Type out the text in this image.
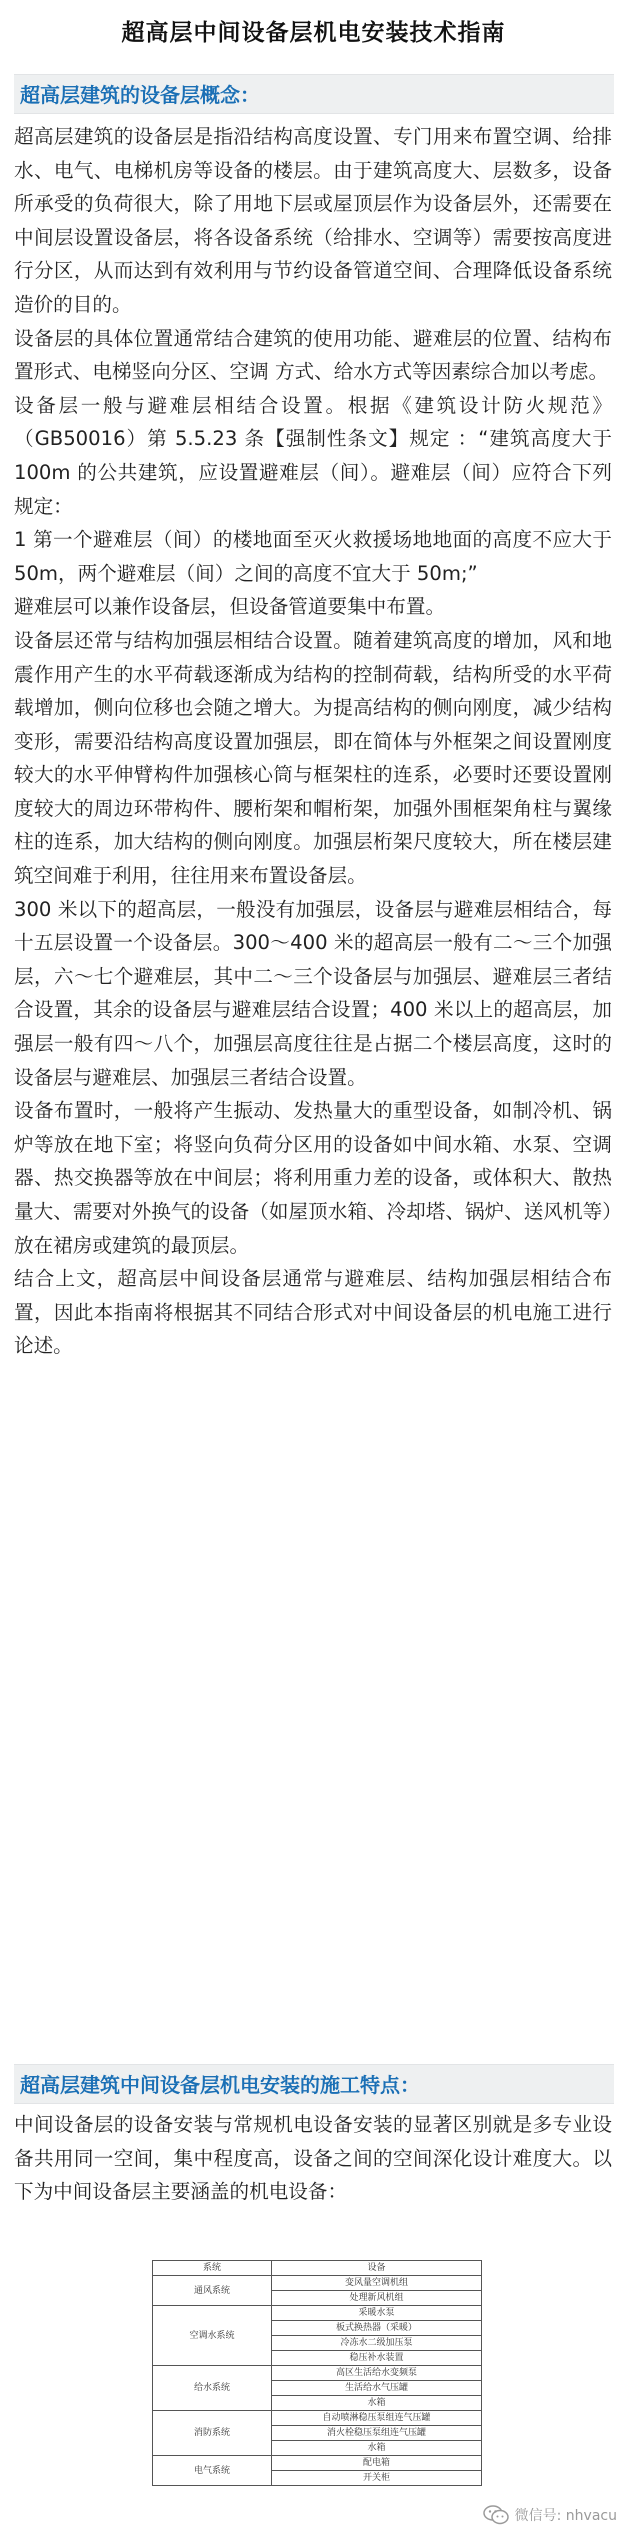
超高层中间设备层机电安装技术指南
超高层建筑的设备层概念：

超高层建筑的设备层是指沿结构高度设置、专门用来布置空调、给排水、电气、电梯机房等设备的楼层。由于建筑高度大、层数多，设备所承受的负荷很大，除了用地下层或屋顶层作为设备层外，还需要在中间层设置设备层，将各设备系统（给排水、空调等）需要按高度进行分区，从而达到有效利用与节约设备管道空间、合理降低设备系统造价的目的。

设备层的具体位置通常结合建筑的使用功能、避难层的位置、结构布置形式、电梯竖向分区、空调 方式、给水方式等因素综合加以考虑。

设备层一般与避难层相结合设置。根据《建筑设计防火规范》（GB50016）第 5.5.23 条【强制性条文】规定 ：“建筑高度大于 100m 的公共建筑，应设置避难层（间）。避难层（间）应符合下列规定：

1 第一个避难层（间）的楼地面至灭火救援场地地面的高度不应大于 50m，两个避难层（间）之间的高度不宜大于 50m;”

避难层可以兼作设备层，但设备管道要集中布置。

设备层还常与结构加强层相结合设置。随着建筑高度的增加，风和地震作用产生的水平荷载逐渐成为结构的控制荷载，结构所受的水平荷载增加，侧向位移也会随之增大。为提高结构的侧向刚度，减少结构变形，需要沿结构高度设置加强层，即在简体与外框架之间设置刚度较大的水平伸臂构件加强核心筒与框架柱的连系，必要时还要设置刚度较大的周边环带构件、腰桁架和帽桁架，加强外围框架角柱与翼缘柱的连系，加大结构的侧向刚度。加强层桁架尺度较大，所在楼层建筑空间难于利用，往往用来布置设备层。

300 米以下的超高层，一般没有加强层，设备层与避难层相结合，每十五层设置一个设备层。300～400 米的超高层一般有二～三个加强层，六～七个避难层，其中二～三个设备层与加强层、避难层三者结合设置，其余的设备层与避难层结合设置；400 米以上的超高层，加强层一般有四～八个，加强层高度往往是占据二个楼层高度，这时的设备层与避难层、加强层三者结合设置。

设备布置时，一般将产生振动、发热量大的重型设备，如制冷机、锅炉等放在地下室；将竖向负荷分区用的设备如中间水箱、水泵、空调器、热交换器等放在中间层；将利用重力差的设备，或体积大、散热量大、需要对外换气的设备（如屋顶水箱、冷却塔、锅炉、送风机等）放在裙房或建筑的最顶层。

结合上文，超高层中间设备层通常与避难层、结构加强层相结合布置，因此本指南将根据其不同结合形式对中间设备层的机电施工进行论述。

超高层建筑中间设备层机电安装的施工特点：

中间设备层的设备安装与常规机电设备安装的显著区别就是多专业设备共用同一空间，集中程度高，设备之间的空间深化设计难度大。以下为中间设备层主要涵盖的机电设备：

系统	设备
通风系统	变风量空调机组
	处理新风机组
空调水系统	采暖水泵
	板式换热器（采暖）
	冷冻水二级加压泵
	稳压补水装置
给水系统	高区生活给水变频泵
	生活给水气压罐
	水箱
消防系统	自动喷淋稳压泵组连气压罐
	消火栓稳压泵组连气压罐
	水箱
电气系统	配电箱
	开关柜
微信号: nhvacu
